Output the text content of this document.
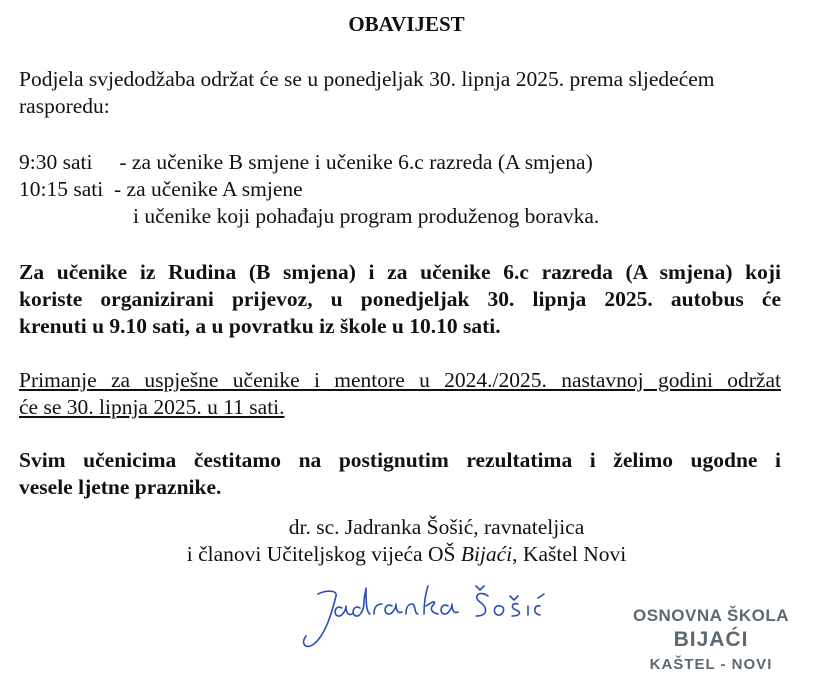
OBAVIJEST
Podjela svjedodžaba održat će se u ponedjeljak 30. lipnja 2025. prema sljedećem
rasporedu:
9:30 sati - za učenike B smjene i učenike 6.c razreda (A smjena)
10:15 sati - za učenike A smjene
i učenike koji pohađaju program produženog boravka.
Za učenike iz Rudina (B smjena) i za učenike 6.c razreda (A smjena) koji
koriste organizirani prijevoz, u ponedjeljak 30. lipnja 2025. autobus će
krenuti u 9.10 sati, a u povratku iz škole u 10.10 sati.
Primanje za uspješne učenike i mentore u 2024./2025. nastavnoj godini održat
će se 30. lipnja 2025. u 11 sati.
Svim učenicima čestitamo na postignutim rezultatima i želimo ugodne i
vesele ljetne praznike.
dr. sc. Jadranka Šošić, ravnateljica
i članovi Učiteljskog vijeća OŠ Bijaći, Kaštel Novi
OSNOVNA ŠKOLA
BIJAĆI
KAŠTEL - NOVI
